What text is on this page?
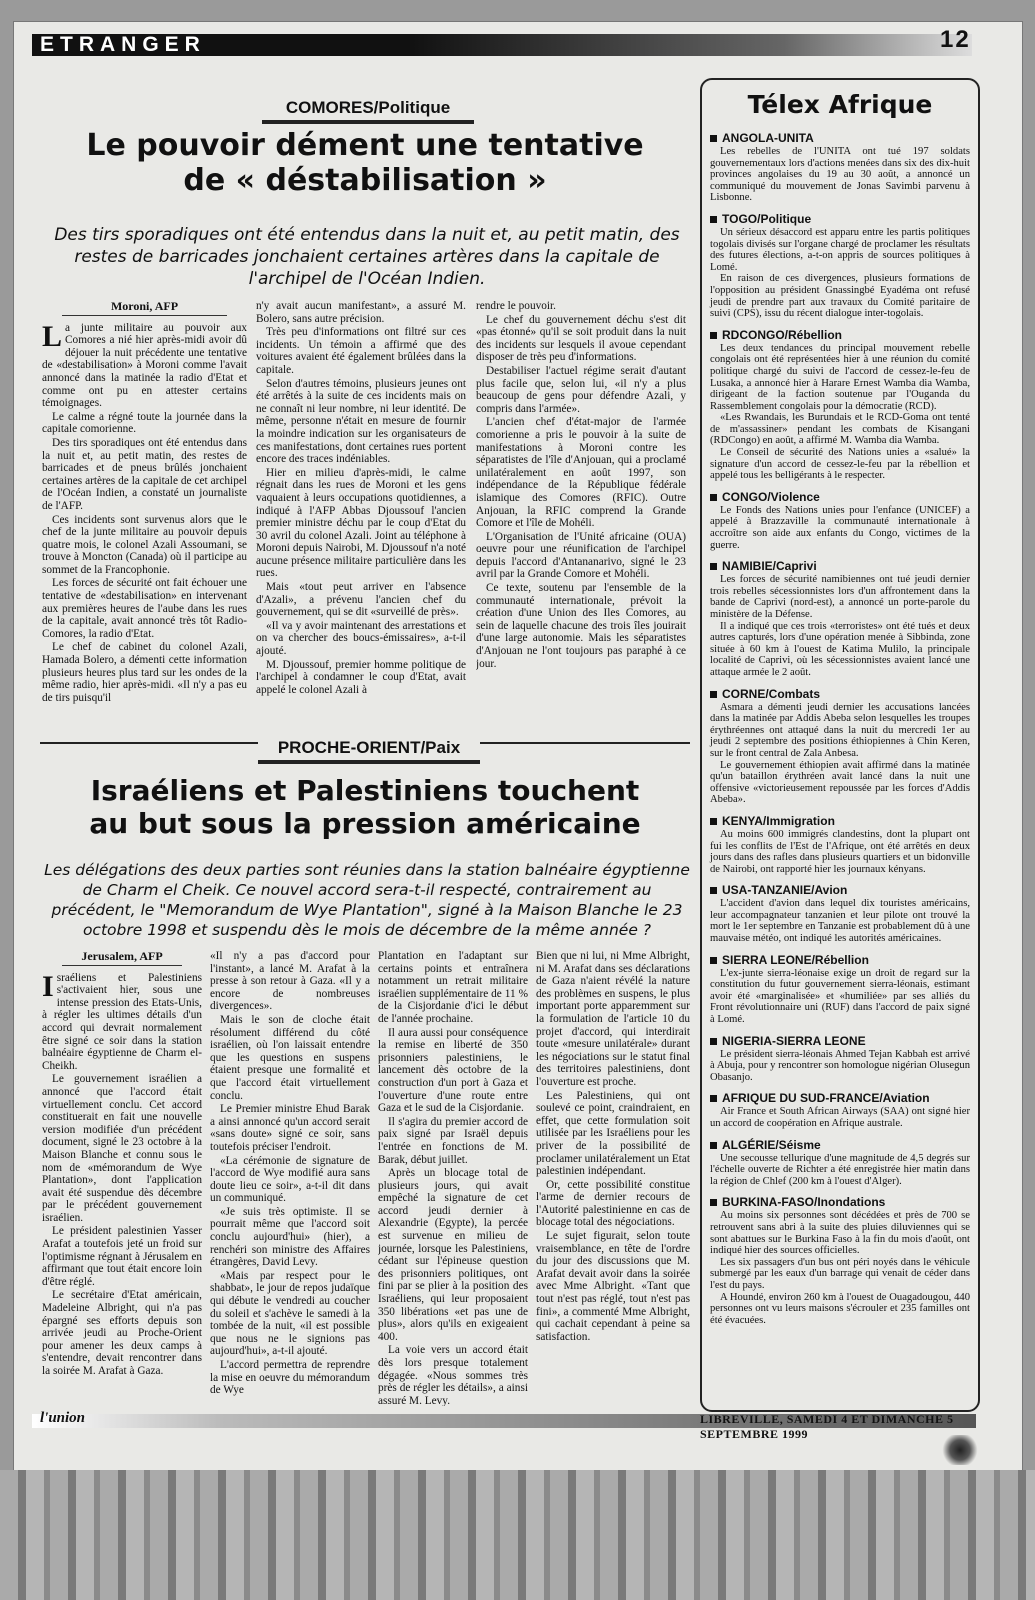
ETRANGER	12
COMORES/Politique
Le pouvoir dément une tentative
de « déstabilisation »

Des tirs sporadiques ont été entendus dans la nuit et, au petit matin, des restes de barricades jonchaient certaines artères dans la capitale de l'archipel de l'Océan Indien.

Moroni, AFP

La junte militaire au pouvoir aux Comores a nié hier après-midi avoir dû déjouer la nuit précédente une tentative de «destabilisation» à Moroni comme l'avait annoncé dans la matinée la radio d'Etat et comme ont pu en attester certains témoignages.

Le calme a régné toute la journée dans la capitale comorienne.

Des tirs sporadiques ont été entendus dans la nuit et, au petit matin, des restes de barricades et de pneus brûlés jonchaient certaines artères de la capitale de cet archipel de l'Océan Indien, a constaté un journaliste de l'AFP.

Ces incidents sont survenus alors que le chef de la junte militaire au pouvoir depuis quatre mois, le colonel Azali Assoumani, se trouve à Moncton (Canada) où il participe au sommet de la Francophonie.

Les forces de sécurité ont fait échouer une tentative de «destabilisation» en intervenant aux premières heures de l'aube dans les rues de la capitale, avait annoncé très tôt Radio-Comores, la radio d'Etat.

Le chef de cabinet du colonel Azali, Hamada Bolero, a démenti cette information plusieurs heures plus tard sur les ondes de la même radio, hier après-midi. «Il n'y a pas eu de tirs puisqu'il

n'y avait aucun manifestant», a assuré M. Bolero, sans autre précision.

Très peu d'informations ont filtré sur ces incidents. Un témoin a affirmé que des voitures avaient été également brûlées dans la capitale.

Selon d'autres témoins, plusieurs jeunes ont été arrêtés à la suite de ces incidents mais on ne connaît ni leur nombre, ni leur identité. De même, personne n'était en mesure de fournir la moindre indication sur les organisateurs de ces manifestations, dont certaines rues portent encore des traces indéniables.

Hier en milieu d'après-midi, le calme régnait dans les rues de Moroni et les gens vaquaient à leurs occupations quotidiennes, a indiqué à l'AFP Abbas Djoussouf l'ancien premier ministre déchu par le coup d'Etat du 30 avril du colonel Azali. Joint au téléphone à Moroni depuis Nairobi, M. Djoussouf n'a noté aucune présence militaire particulière dans les rues.

Mais «tout peut arriver en l'absence d'Azali», a prévenu l'ancien chef du gouvernement, qui se dit «surveillé de près».

«Il va y avoir maintenant des arrestations et on va chercher des boucs-émissaires», a-t-il ajouté.

M. Djoussouf, premier homme politique de l'archipel à condamner le coup d'Etat, avait appelé le colonel Azali à

rendre le pouvoir.

Le chef du gouvernement déchu s'est dit «pas étonné» qu'il se soit produit dans la nuit des incidents sur lesquels il avoue cependant disposer de très peu d'informations.

Destabiliser l'actuel régime serait d'autant plus facile que, selon lui, «il n'y a plus beaucoup de gens pour défendre Azali, y compris dans l'armée».

L'ancien chef d'état-major de l'armée comorienne a pris le pouvoir à la suite de manifestations à Moroni contre les séparatistes de l'île d'Anjouan, qui a proclamé unilatéralement en août 1997, son indépendance de la République fédérale islamique des Comores (RFIC). Outre Anjouan, la RFIC comprend la Grande Comore et l'île de Mohéli.

L'Organisation de l'Unité africaine (OUA) oeuvre pour une réunification de l'archipel depuis l'accord d'Antananarivo, signé le 23 avril par la Grande Comore et Mohéli.

Ce texte, soutenu par l'ensemble de la communauté internationale, prévoit la création d'une Union des Iles Comores, au sein de laquelle chacune des trois îles jouirait d'une large autonomie. Mais les séparatistes d'Anjouan ne l'ont toujours pas paraphé à ce jour.

PROCHE-ORIENT/Paix
Israéliens et Palestiniens touchent
au but sous la pression américaine

Les délégations des deux parties sont réunies dans la station balnéaire égyptienne de Charm el Cheik. Ce nouvel accord sera-t-il respecté, contrairement au précédent, le "Memorandum de Wye Plantation", signé à la Maison Blanche le 23 octobre 1998 et suspendu dès le mois de décembre de la même année ?

Jerusalem, AFP

Israéliens et Palestiniens s'activaient hier, sous une intense pression des Etats-Unis, à régler les ultimes détails d'un accord qui devrait normalement être signé ce soir dans la station balnéaire égyptienne de Charm el-Cheikh.

Le gouvernement israélien a annoncé que l'accord était virtuellement conclu. Cet accord constituerait en fait une nouvelle version modifiée d'un précédent document, signé le 23 octobre à la Maison Blanche et connu sous le nom de «mémorandum de Wye Plantation», dont l'application avait été suspendue dès décembre par le précédent gouvernement israélien.

Le président palestinien Yasser Arafat a toutefois jeté un froid sur l'optimisme régnant à Jérusalem en affirmant que tout était encore loin d'être réglé.

Le secrétaire d'Etat américain, Madeleine Albright, qui n'a pas épargné ses efforts depuis son arrivée jeudi au Proche-Orient pour amener les deux camps à s'entendre, devait rencontrer dans la soirée M. Arafat à Gaza.

«Il n'y a pas d'accord pour l'instant», a lancé M. Arafat à la presse à son retour à Gaza. «Il y a encore de nombreuses divergences».

Mais le son de cloche était résolument différend du côté israélien, où l'on laissait entendre que les questions en suspens étaient presque une formalité et que l'accord était virtuellement conclu.

Le Premier ministre Ehud Barak a ainsi annoncé qu'un accord serait «sans doute» signé ce soir, sans toutefois préciser l'endroit.

«La cérémonie de signature de l'accord de Wye modifié aura sans doute lieu ce soir», a-t-il dit dans un communiqué.

«Je suis très optimiste. Il se pourrait même que l'accord soit conclu aujourd'hui» (hier), a renchéri son ministre des Affaires étrangères, David Levy.

«Mais par respect pour le shabbat», le jour de repos judaïque qui débute le vendredi au coucher du soleil et s'achève le samedi à la tombée de la nuit, «il est possible que nous ne le signions pas aujourd'hui», a-t-il ajouté.

L'accord permettra de reprendre la mise en oeuvre du mémorandum de Wye

Plantation en l'adaptant sur certains points et entraînera notamment un retrait militaire israélien supplémentaire de 11 % de la Cisjordanie d'ici le début de l'année prochaine.

Il aura aussi pour conséquence la remise en liberté de 350 prisonniers palestiniens, le lancement dès octobre de la construction d'un port à Gaza et l'ouverture d'une route entre Gaza et le sud de la Cisjordanie.

Il s'agira du premier accord de paix signé par Israël depuis l'entrée en fonctions de M. Barak, début juillet.

Après un blocage total de plusieurs jours, qui avait empêché la signature de cet accord jeudi dernier à Alexandrie (Egypte), la percée est survenue en milieu de journée, lorsque les Palestiniens, cédant sur l'épineuse question des prisonniers politiques, ont fini par se plier à la position des Israéliens, qui leur proposaient 350 libérations «et pas une de plus», alors qu'ils en exigeaient 400.

La voie vers un accord était dès lors presque totalement dégagée. «Nous sommes très près de régler les détails», a ainsi assuré M. Levy.

Bien que ni lui, ni Mme Albright, ni M. Arafat dans ses déclarations de Gaza n'aient révélé la nature des problèmes en suspens, le plus important porte apparemment sur la formulation de l'article 10 du projet d'accord, qui interdirait toute «mesure unilatérale» durant les négociations sur le statut final des territoires palestiniens, dont l'ouverture est proche.

Les Palestiniens, qui ont soulevé ce point, craindraient, en effet, que cette formulation soit utilisée par les Israéliens pour les priver de la possibilité de proclamer unilatéralement un Etat palestinien indépendant.

Or, cette possibilité constitue l'arme de dernier recours de l'Autorité palestinienne en cas de blocage total des négociations.

Le sujet figurait, selon toute vraisemblance, en tête de l'ordre du jour des discussions que M. Arafat devait avoir dans la soirée avec Mme Albright. «Tant que tout n'est pas réglé, tout n'est pas fini», a commenté Mme Albright, qui cachait cependant à peine sa satisfaction.

Télex Afrique
ANGOLA-UNITA

Les rebelles de l'UNITA ont tué 197 soldats gouvernementaux lors d'actions menées dans six des dix-huit provinces angolaises du 19 au 30 août, a annoncé un communiqué du mouvement de Jonas Savimbi parvenu à Lisbonne.

TOGO/Politique

Un sérieux désaccord est apparu entre les partis politiques togolais divisés sur l'organe chargé de proclamer les résultats des futures élections, a-t-on appris de sources politiques à Lomé.

En raison de ces divergences, plusieurs formations de l'opposition au président Gnassingbé Eyadéma ont refusé jeudi de prendre part aux travaux du Comité paritaire de suivi (CPS), issu du récent dialogue inter-togolais.

RDCONGO/Rébellion

Les deux tendances du principal mouvement rebelle congolais ont été représentées hier à une réunion du comité politique chargé du suivi de l'accord de cessez-le-feu de Lusaka, a annoncé hier à Harare Ernest Wamba dia Wamba, dirigeant de la faction soutenue par l'Ouganda du Rassemblement congolais pour la démocratie (RCD).

«Les Rwandais, les Burundais et le RCD-Goma ont tenté de m'assassiner» pendant les combats de Kisangani (RDCongo) en août, a affirmé M. Wamba dia Wamba.

Le Conseil de sécurité des Nations unies a «salué» la signature d'un accord de cessez-le-feu par la rébellion et appelé tous les belligérants à le respecter.

CONGO/Violence

Le Fonds des Nations unies pour l'enfance (UNICEF) a appelé à Brazzaville la communauté internationale à accroître son aide aux enfants du Congo, victimes de la guerre.

NAMIBIE/Caprivi

Les forces de sécurité namibiennes ont tué jeudi dernier trois rebelles sécessionnistes lors d'un affrontement dans la bande de Caprivi (nord-est), a annoncé un porte-parole du ministère de la Défense.

Il a indiqué que ces trois «terroristes» ont été tués et deux autres capturés, lors d'une opération menée à Sibbinda, zone située à 60 km à l'ouest de Katima Mulilo, la principale localité de Caprivi, où les sécessionnistes avaient lancé une attaque armée le 2 août.

CORNE/Combats

Asmara a démenti jeudi dernier les accusations lancées dans la matinée par Addis Abeba selon lesquelles les troupes érythréennes ont attaqué dans la nuit du mercredi 1er au jeudi 2 septembre des positions éthiopiennes à Chin Keren, sur le front central de Zala Anbesa.

Le gouvernement éthiopien avait affirmé dans la matinée qu'un bataillon érythréen avait lancé dans la nuit une offensive «victorieusement repoussée par les forces d'Addis Abeba».

KENYA/Immigration

Au moins 600 immigrés clandestins, dont la plupart ont fui les conflits de l'Est de l'Afrique, ont été arrêtés en deux jours dans des rafles dans plusieurs quartiers et un bidonville de Nairobi, ont rapporté hier les journaux kényans.

USA-TANZANIE/Avion

L'accident d'avion dans lequel dix touristes américains, leur accompagnateur tanzanien et leur pilote ont trouvé la mort le 1er septembre en Tanzanie est probablement dû à une mauvaise météo, ont indiqué les autorités américaines.

SIERRA LEONE/Rébellion

L'ex-junte sierra-léonaise exige un droit de regard sur la constitution du futur gouvernement sierra-léonais, estimant avoir été «marginalisée» et «humiliée» par ses alliés du Front révolutionnaire uni (RUF) dans l'accord de paix signé à Lomé.

NIGERIA-SIERRA LEONE

Le président sierra-léonais Ahmed Tejan Kabbah est arrivé à Abuja, pour y rencontrer son homologue nigérian Olusegun Obasanjo.

AFRIQUE DU SUD-FRANCE/Aviation

Air France et South African Airways (SAA) ont signé hier un accord de coopération en Afrique australe.

ALGÉRIE/Séisme

Une secousse tellurique d'une magnitude de 4,5 degrés sur l'échelle ouverte de Richter a été enregistrée hier matin dans la région de Chlef (200 km à l'ouest d'Alger).

BURKINA-FASO/Inondations

Au moins six personnes sont décédées et près de 700 se retrouvent sans abri à la suite des pluies diluviennes qui se sont abattues sur le Burkina Faso à la fin du mois d'août, ont indiqué hier des sources officielles.

Les six passagers d'un bus ont péri noyés dans le véhicule submergé par les eaux d'un barrage qui venait de céder dans l'est du pays.

A Houndé, environ 260 km à l'ouest de Ouagadougou, 440 personnes ont vu leurs maisons s'écrouler et 235 familles ont été évacuées.

l'union	LIBREVILLE, SAMEDI 4 ET DIMANCHE 5 SEPTEMBRE 1999
